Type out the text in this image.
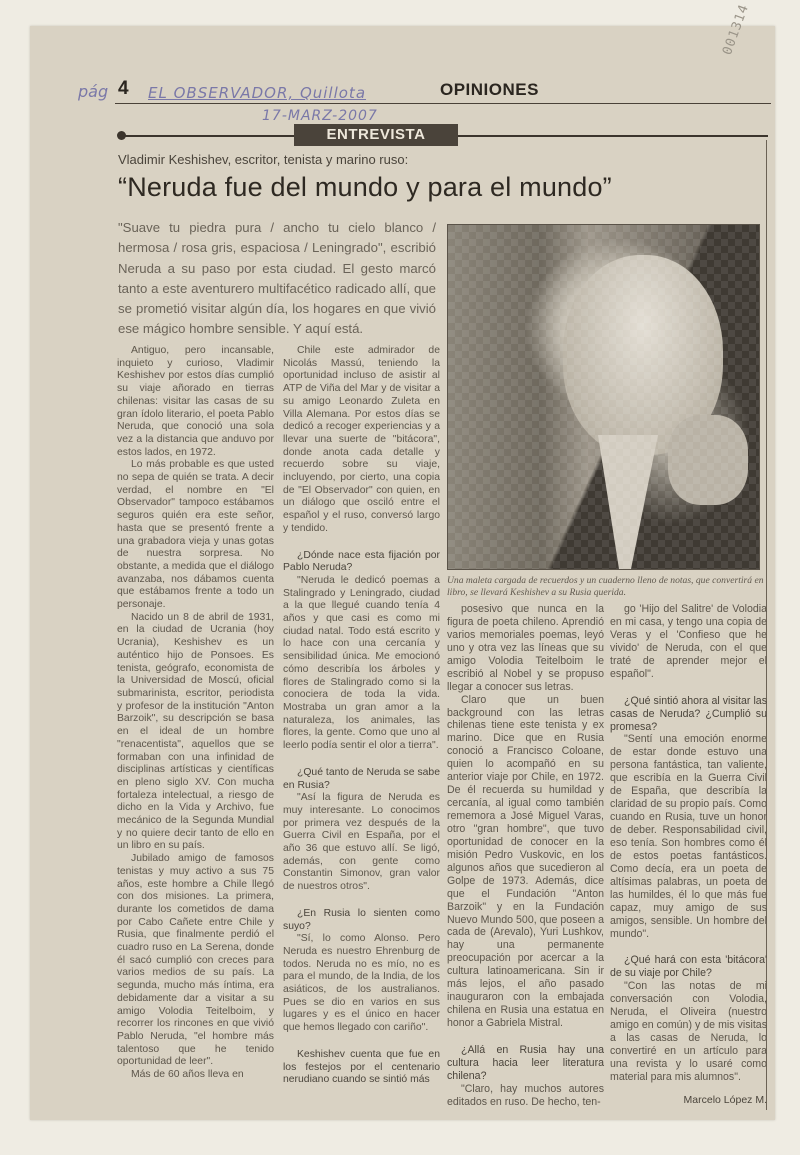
pág 4 EL OBSERVADOR, Quillota
17-MARZ-2007
OPINIONES
001314
ENTREVISTA
Vladimir Keshishev, escritor, tenista y marino ruso:
“Neruda fue del mundo y para el mundo”
"Suave tu piedra pura / ancho tu cielo blanco / hermosa / rosa gris, espaciosa / Leningrado", escribió Neruda a su paso por esta ciudad. El gesto marcó tanto a este aventurero multifacético radicado allí, que se prometió visitar algún día, los hogares en que vivió ese mágico hombre sensible. Y aquí está.
Una maleta cargada de recuerdos y un cuaderno lleno de notas, que convertirá en libro, se llevará Keshishev a su Rusia querida.

Antiguo, pero incansable, inquieto y curioso, Vladimir Keshishev por estos días cumplió su viaje añorado en tierras chilenas: visitar las casas de su gran ídolo literario, el poeta Pablo Neruda, que conoció una sola vez a la distancia que anduvo por estos lados, en 1972.

Lo más probable es que usted no sepa de quién se trata. A decir verdad, el nombre en "El Observador" tampoco estábamos seguros quién era este señor, hasta que se presentó frente a una grabadora vieja y unas gotas de nuestra sorpresa. No obstante, a medida que el diálogo avanzaba, nos dábamos cuenta que estábamos frente a todo un personaje.

Nacido un 8 de abril de 1931, en la ciudad de Ucrania (hoy Ucrania), Keshishev es un auténtico hijo de Ponsoes. Es tenista, geógrafo, economista de la Universidad de Moscú, oficial submarinista, escritor, periodista y profesor de la institución "Anton Barzoik", su descripción se basa en el ideal de un hombre "renacentista", aquellos que se formaban con una infinidad de disciplinas artísticas y científicas en pleno siglo XV. Con mucha fortaleza intelectual, a riesgo de dicho en la Vida y Archivo, fue mecánico de la Segunda Mundial y no quiere decir tanto de ello en un libro en su país.

Jubilado amigo de famosos tenistas y muy activo a sus 75 años, este hombre a Chile llegó con dos misiones. La primera, durante los cometidos de dama por Cabo Cañete entre Chile y Rusia, que finalmente perdió el cuadro ruso en La Serena, donde él sacó cumplió con creces para varios medios de su país. La segunda, mucho más íntima, era debidamente dar a visitar a su amigo Volodia Teitelboim, y recorrer los rincones en que vivió Pablo Neruda, "el hombre más talentoso que he tenido oportunidad de leer".

Más de 60 años lleva en

Chile este admirador de Nicolás Massú, teniendo la oportunidad incluso de asistir al ATP de Viña del Mar y de visitar a su amigo Leonardo Zuleta en Villa Alemana. Por estos días se dedicó a recoger experiencias y a llevar una suerte de "bitácora", donde anota cada detalle y recuerdo sobre su viaje, incluyendo, por cierto, una copia de "El Observador" con quien, en un diálogo que osciló entre el español y el ruso, conversó largo y tendido.

¿Dónde nace esta fijación por Pablo Neruda?

"Neruda le dedicó poemas a Stalingrado y Leningrado, ciudad a la que llegué cuando tenía 4 años y que casi es como mi ciudad natal. Todo está escrito y lo hace con una cercanía y sensibilidad única. Me emocionó cómo describía los árboles y flores de Stalingrado como si la conociera de toda la vida. Mostraba un gran amor a la naturaleza, los animales, las flores, la gente. Como que uno al leerlo podía sentir el olor a tierra".

¿Qué tanto de Neruda se sabe en Rusia?

"Así la figura de Neruda es muy interesante. Lo conocimos por primera vez después de la Guerra Civil en España, por el año 36 que estuvo allí. Se ligó, además, con gente como Constantin Simonov, gran valor de nuestros otros".

¿En Rusia lo sienten como suyo?

"Sí, lo como Alonso. Pero Neruda es nuestro Ehrenburg de todos. Neruda no es mío, no es para el mundo, de la India, de los asiáticos, de los australianos. Pues se dio en varios en sus lugares y es el único en hacer que hemos llegado con cariño".

Keshishev cuenta que fue en los festejos por el centenario nerudiano cuando se sintió más

posesivo que nunca en la figura de poeta chileno. Aprendió varios memoriales poemas, leyó uno y otra vez las líneas que su amigo Volodia Teitelboim le escribió al Nobel y se propuso llegar a conocer sus letras.

Claro que un buen background con las letras chilenas tiene este tenista y ex marino. Dice que en Rusia conoció a Francisco Coloane, quien lo acompañó en su anterior viaje por Chile, en 1972. De él recuerda su humildad y cercanía, al igual como también rememora a José Miguel Varas, otro "gran hombre", que tuvo oportunidad de conocer en la misión Pedro Vuskovic, en los algunos años que sucedieron al Golpe de 1973. Además, dice que el Fundación "Anton Barzoik" y en la Fundación Nuevo Mundo 500, que poseen a cada de (Arevalo), Yuri Lushkov, hay una permanente preocupación por acercar a la cultura latinoamericana. Sin ir más lejos, el año pasado inauguraron con la embajada chilena en Rusia una estatua en honor a Gabriela Mistral.

¿Allá en Rusia hay una cultura hacia leer literatura chilena?

"Claro, hay muchos autores editados en ruso. De hecho, ten-

go 'Hijo del Salitre' de Volodia en mi casa, y tengo una copia de Veras y el 'Confieso que he vivido' de Neruda, con el que traté de aprender mejor el español".

¿Qué sintió ahora al visitar las casas de Neruda? ¿Cumplió su promesa?

"Sentí una emoción enorme de estar donde estuvo una persona fantástica, tan valiente, que escribía en la Guerra Civil de España, que describía la claridad de su propio país. Como cuando en Rusia, tuve un honor de deber. Responsabilidad civil, eso tenía. Son hombres como él de estos poetas fantásticos. Como decía, era un poeta de altísimas palabras, un poeta de las humildes, él lo que más fue capaz, muy amigo de sus amigos, sensible. Un hombre del mundo".

¿Qué hará con esta 'bitácora' de su viaje por Chile?

"Con las notas de mi conversación con Volodia, Neruda, el Oliveira (nuestro amigo en común) y de mis visitas a las casas de Neruda, lo convertiré en un artículo para una revista y lo usaré como material para mis alumnos".

Marcelo López M.
